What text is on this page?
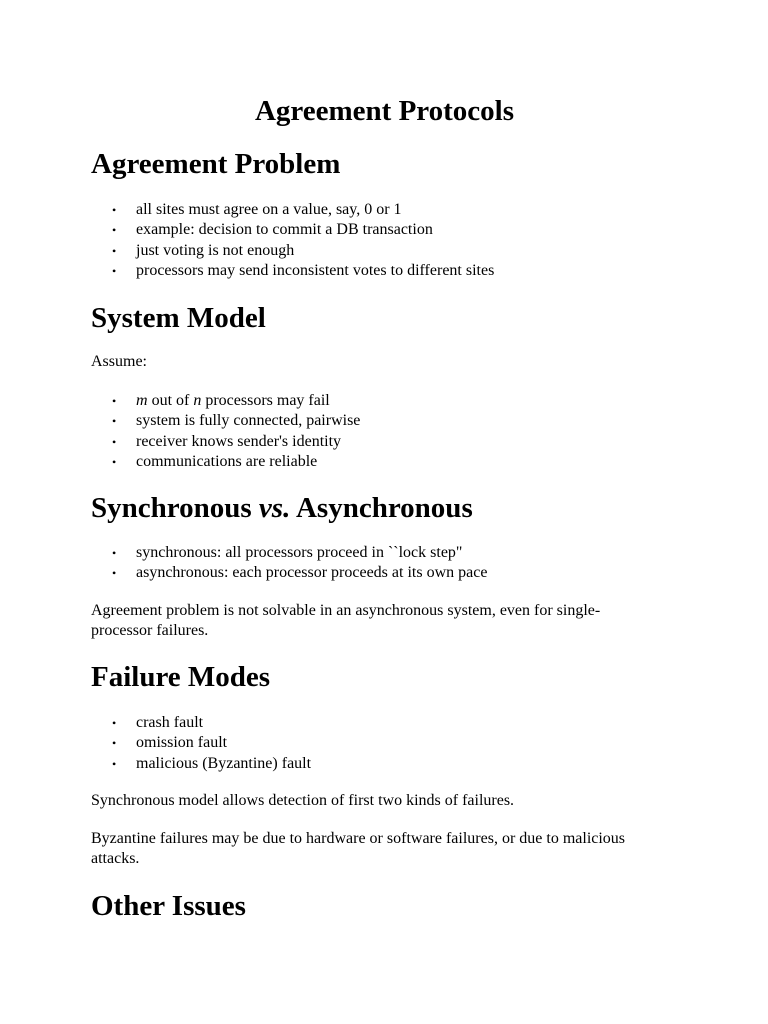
Agreement Protocols
Agreement Problem
• all sites must agree on a value, say, 0 or 1
• example: decision to commit a DB transaction
• just voting is not enough
• processors may send inconsistent votes to different sites
System Model

Assume:

• m out of n processors may fail
• system is fully connected, pairwise
• receiver knows sender's identity
• communications are reliable
Synchronous vs. Asynchronous
• synchronous: all processors proceed in ``lock step"
• asynchronous: each processor proceeds at its own pace

Agreement problem is not solvable in an asynchronous system, even for single-
processor failures.

Failure Modes
• crash fault
• omission fault
• malicious (Byzantine) fault

Synchronous model allows detection of first two kinds of failures.

Byzantine failures may be due to hardware or software failures, or due to malicious
attacks.

Other Issues
